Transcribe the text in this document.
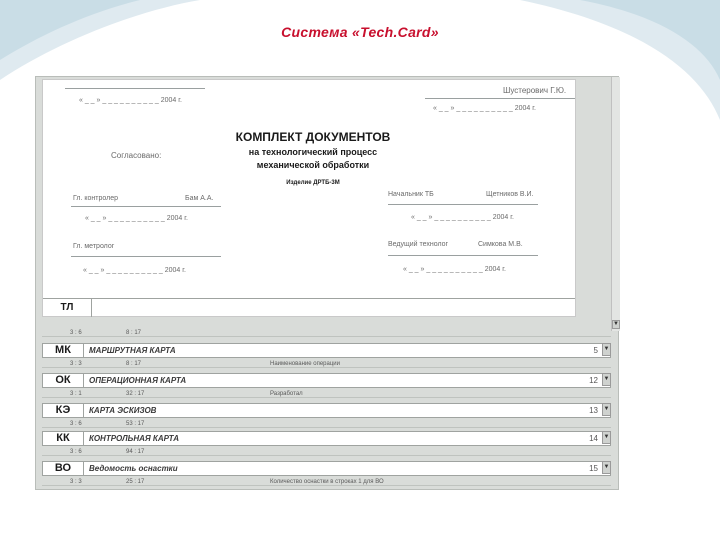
Система «Tech.Card»
« _ _ » _ _ _ _ _ _ _ _ _ _ 2004 г.
Шустерович Г.Ю.
« _ _ » _ _ _ _ _ _ _ _ _ _ 2004 г.
КОМПЛЕКТ ДОКУМЕНТОВ
на технологический процесс
механической обработки
Изделие ДРТБ-3М
Согласовано:
Гл. контролер	Бам А.А.
« _ _ » _ _ _ _ _ _ _ _ _ _ 2004 г.
Гл. метролог
« _ _ » _ _ _ _ _ _ _ _ _ _ 2004 г.
Начальник ТБ	Щетников В.И.
« _ _ » _ _ _ _ _ _ _ _ _ _ 2004 г.
Ведущий технолог	Симкова М.В.
« _ _ » _ _ _ _ _ _ _ _ _ _ 2004 г.
ТЛ
▼
3 : 6	8 : 17
МК	МАРШРУТНАЯ КАРТА	5 ▼
3 : 3	8 : 17	Наименование операции
ОК	ОПЕРАЦИОННАЯ КАРТА	12 ▼
3 : 1	32 : 17	Разработал
КЭ	КАРТА ЭСКИЗОВ	13 ▼
3 : 6	53 : 17
КК	КОНТРОЛЬНАЯ КАРТА	14 ▼
3 : 6	94 : 17
ВО	Ведомость оснастки	15 ▼
3 : 3	25 : 17	Количество оснастки в строках 1 для ВО
